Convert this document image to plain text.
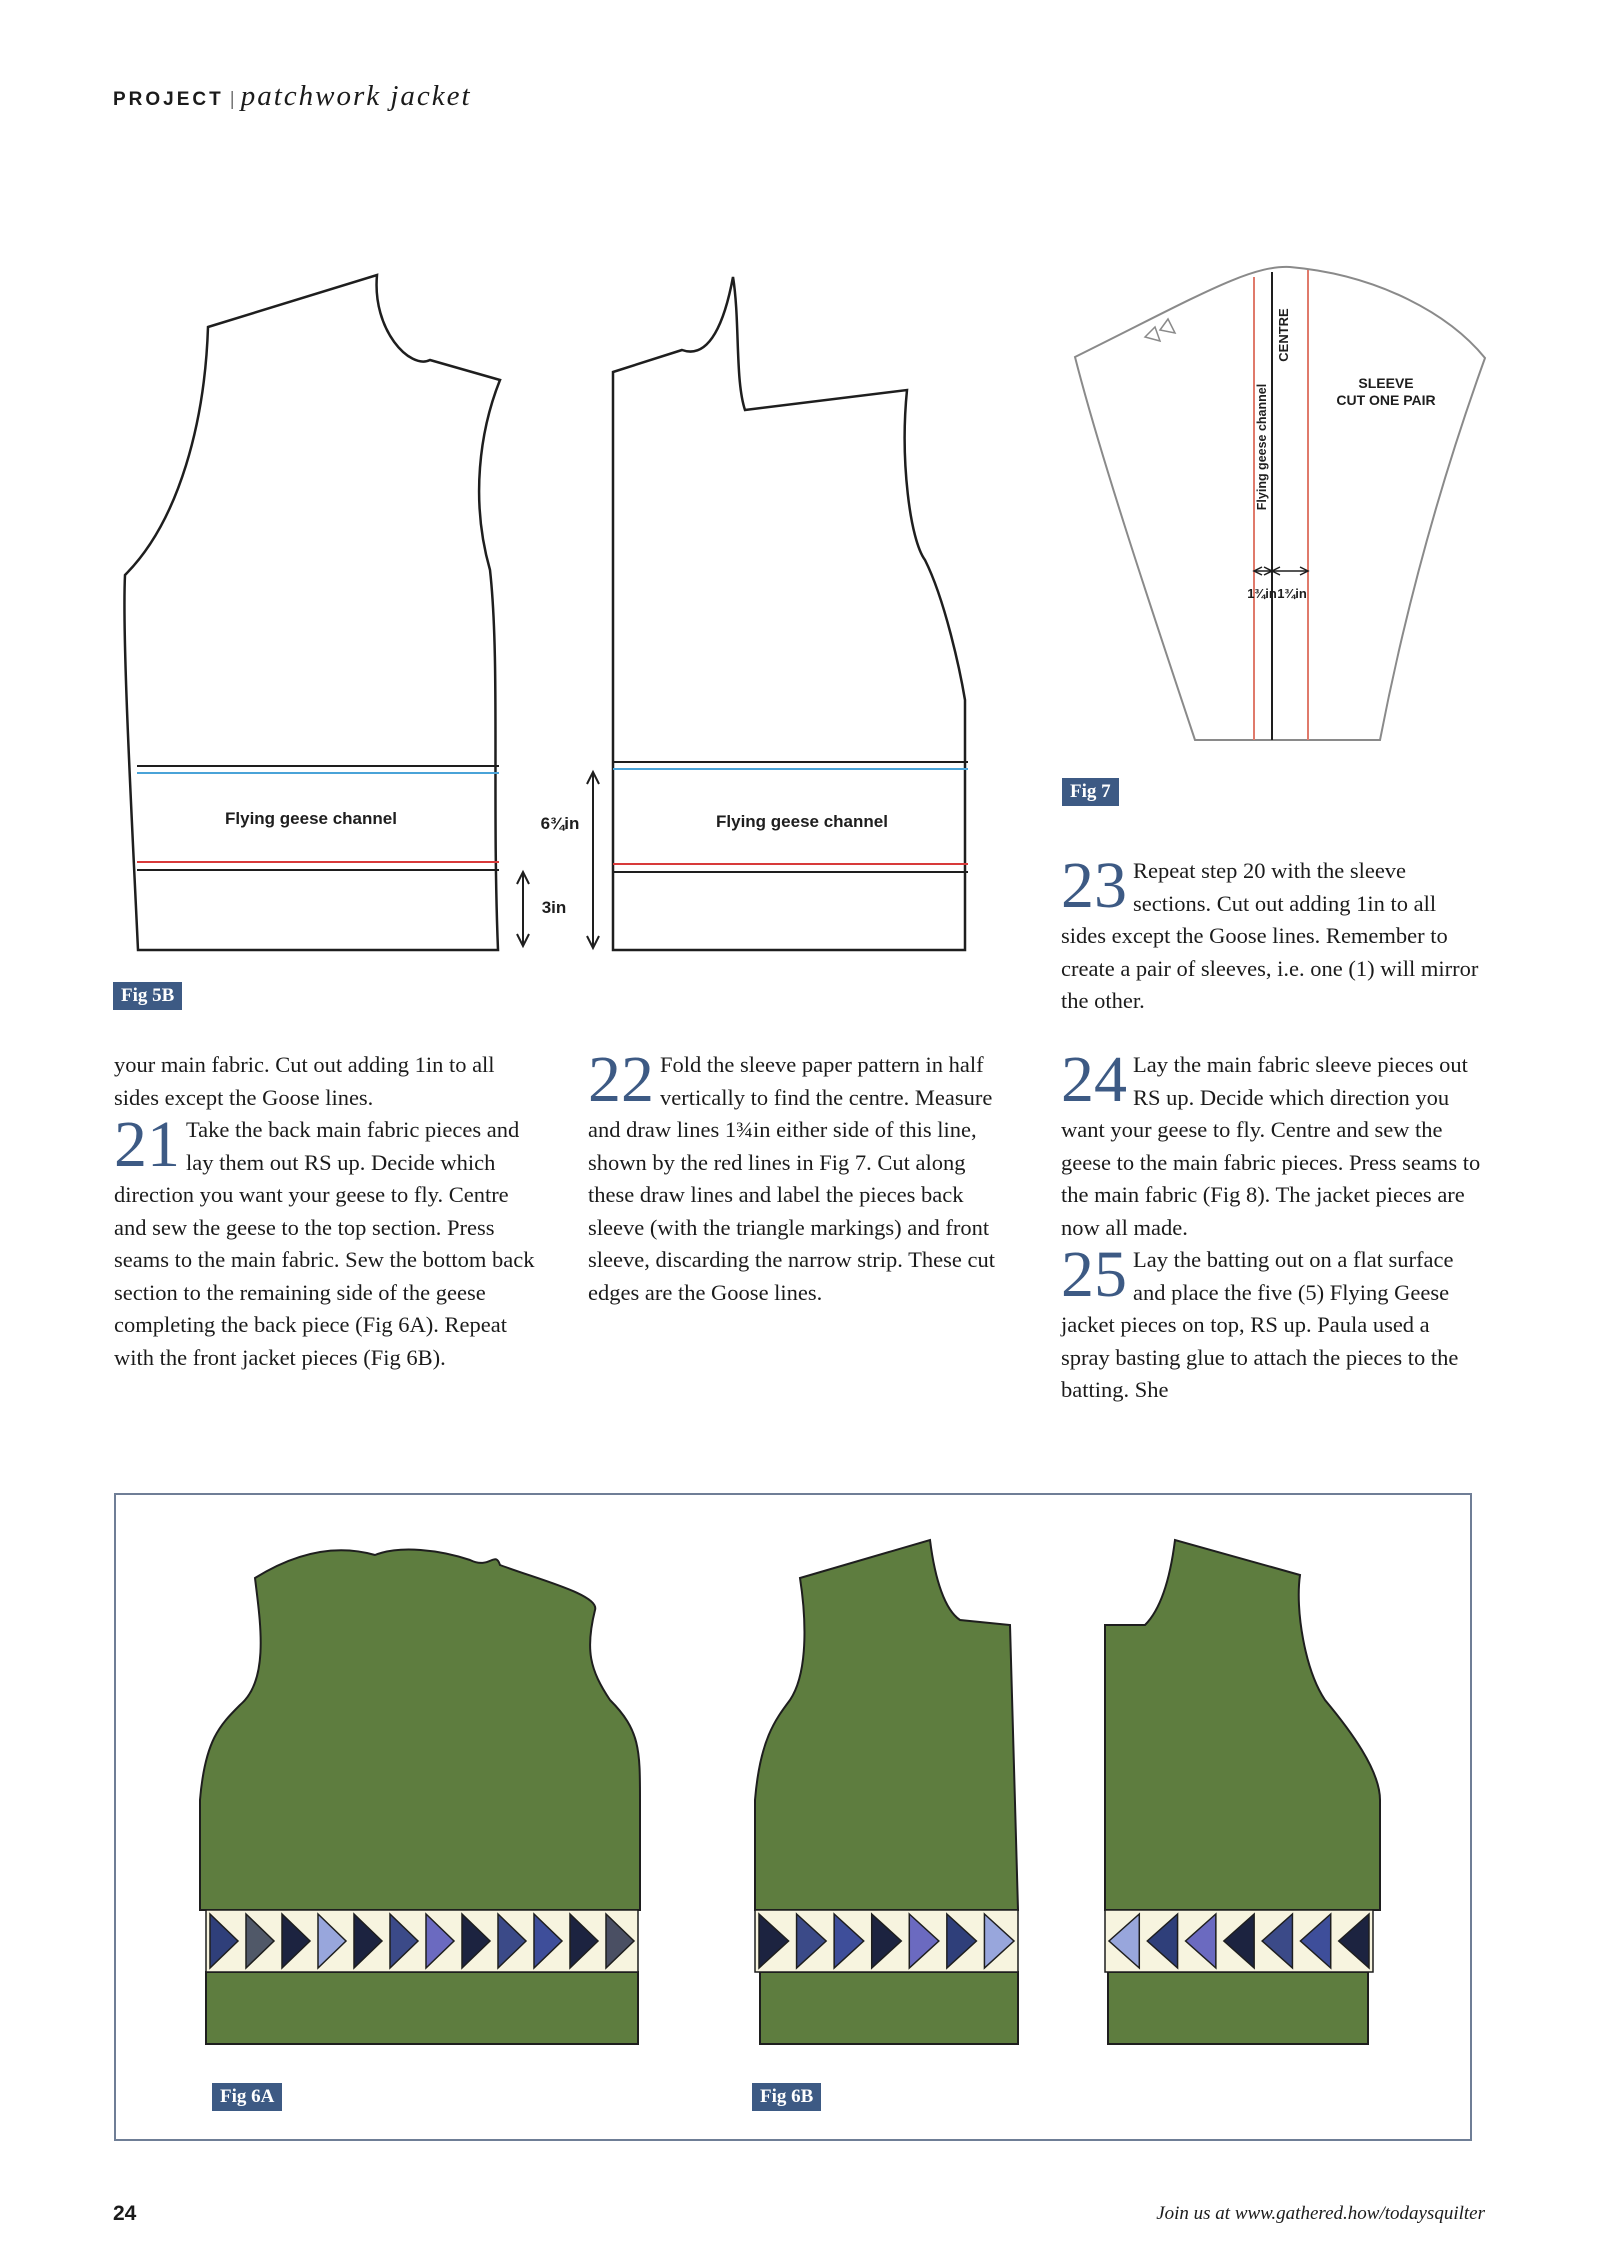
PROJECT | patchwork jacket
Flying geese channel	Flying geese channel
6¾in
3in
Fig 5B
1¾in 1¾in
CENTRE
Flying geese channel
SLEEVE
CUT ONE PAIR
Fig 7

23 Repeat step 20 with the sleeve sections. Cut out adding 1in to all sides except the Goose lines. Remember to create a pair of sleeves, i.e. one (1) will mirror the other.

your main fabric. Cut out adding 1in to all sides except the Goose lines.

21 Take the back main fabric pieces and lay them out RS up. Decide which direction you want your geese to fly. Centre and sew the geese to the top section. Press seams to the main fabric. Sew the bottom back section to the remaining side of the geese completing the back piece (Fig 6A). Repeat with the front jacket pieces (Fig 6B).

22 Fold the sleeve paper pattern in half vertically to find the centre. Measure and draw lines 1¾in either side of this line, shown by the red lines in Fig 7. Cut along these draw lines and label the pieces back sleeve (with the triangle markings) and front sleeve, discarding the narrow strip. These cut edges are the Goose lines.

24 Lay the main fabric sleeve pieces out RS up. Decide which direction you want your geese to fly. Centre and sew the geese to the main fabric pieces. Press seams to the main fabric (Fig 8). The jacket pieces are now all made.

25 Lay the batting out on a flat surface and place the five (5) Flying Geese jacket pieces on top, RS up. Paula used a spray basting glue to attach the pieces to the batting. She

Fig 6A	Fig 6B
24	Join us at www.gathered.how/todaysquilter
